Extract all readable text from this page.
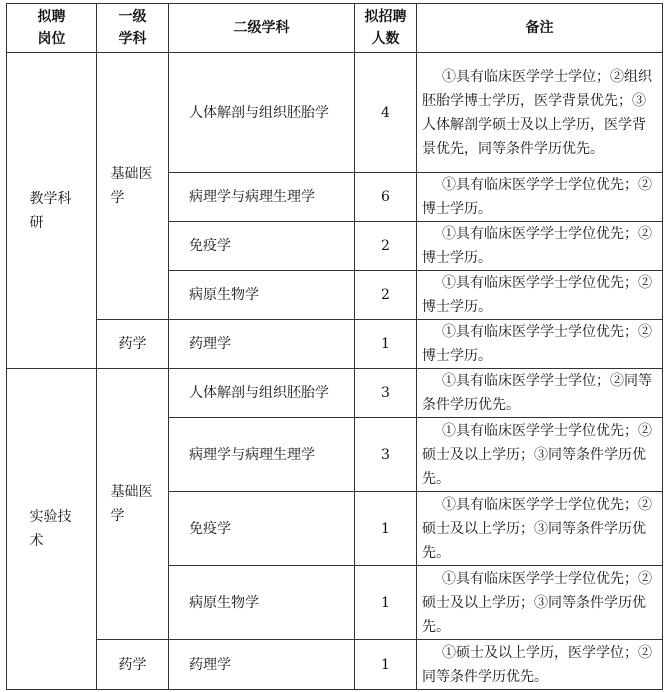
拟聘岗位	一级学科	二级学科	拟招聘人数	备注
教学科研	基础医学	人体解剖与组织胚胎学	4	①具有临床医学学士学位；②组织胚胎学博士学历，医学背景优先；③人体解剖学硕士及以上学历，医学背景优先，同等条件学历优先。

		病理学与病理生理学	6	①具有临床医学学士学位优先；②博士学历。

		免疫学	2	①具有临床医学学士学位优先；②博士学历。

		病原生物学	2	①具有临床医学学士学位优先；②博士学历。

	药学	药理学	1	①具有临床医学学士学位优先；②博士学历。

实验技术	基础医学	人体解剖与组织胚胎学	3	①具有临床医学学士学位；②同等条件学历优先。

		病理学与病理生理学	3	①具有临床医学学士学位优先；②硕士及以上学历；③同等条件学历优先。

		免疫学	1	①具有临床医学学士学位优先；②硕士及以上学历；③同等条件学历优先。

		病原生物学	1	①具有临床医学学士学位优先；②硕士及以上学历；③同等条件学历优先。

	药学	药理学	1	①硕士及以上学历，医学学位；②同等条件学历优先。
